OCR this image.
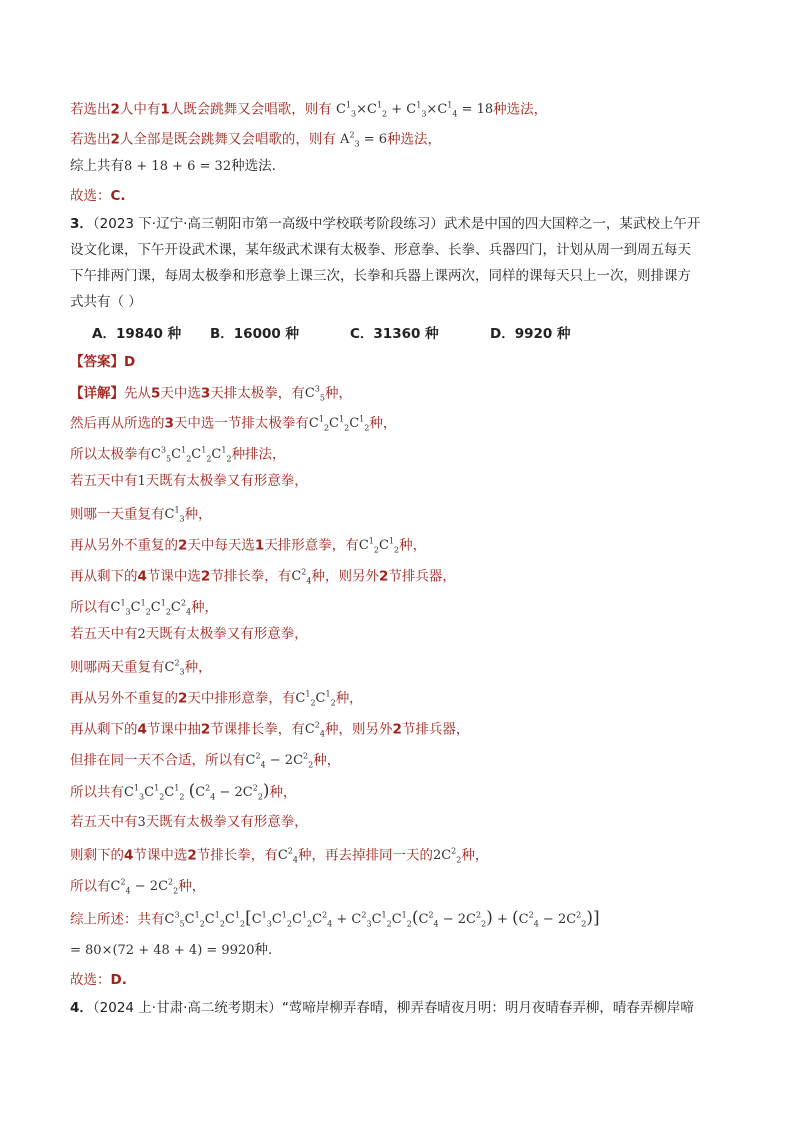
若选出2人中有1人既会跳舞又会唱歌，则有 $C^1_3\times C^1_2 + C^1_3\times C^1_4 = 18$种选法，
若选出2人全部是既会跳舞又会唱歌的，则有 $A^2_3 = 6$种选法，
综上共有8 + 18 + 6 = 32种选法.
故选：C.
3．（2023 下·辽宁·高三朝阳市第一高级中学校联考阶段练习）武术是中国的四大国粹之一，某武校上午开
设文化课，下午开设武术课，某年级武术课有太极拳、形意拳、长拳、兵器四门，计划从周一到周五每天
下午排两门课，每周太极拳和形意拳上课三次，长拳和兵器上课两次，同样的课每天只上一次，则排课方
式共有（ ）
A．19840 种 B．16000 种	C．31360 种	D．9920 种
【答案】D
【详解】先从5天中选3天排太极拳，有$C^3_5$种，
然后再从所选的3天中选一节排太极拳有$C^1_2C^1_2C^1_2$种，
所以太极拳有$C^3_5C^1_2C^1_2C^1_2$种排法，
若五天中有1天既有太极拳又有形意拳，
则哪一天重复有$C^1_3$种，
再从另外不重复的2天中每天选1天排形意拳，有$C^1_2C^1_2$种，
再从剩下的4节课中选2节排长拳，有$C^2_4$种，则另外2节排兵器，
所以有$C^1_3C^1_2C^1_2C^2_4$种，
若五天中有2天既有太极拳又有形意拳，
则哪两天重复有$C^2_3$种，
再从另外不重复的2天中排形意拳，有$C^1_2C^1_2$种，
再从剩下的4节课中抽2节课排长拳，有$C^2_4$种，则另外2节排兵器，
但排在同一天不合适，所以有$C^2_4 - 2C^2_2$种，
所以共有$C^1_3C^1_2C^1_2$ $(C^2_4 - 2C^2_2)$种，
若五天中有3天既有太极拳又有形意拳，
则剩下的4节课中选2节排长拳，有$C^2_4$种，再去掉排同一天的$2C^2_2$种，
所以有$C^2_4 - 2C^2_2$种，
综上所述：共有$C^3_5C^1_2C^1_2C^1_2[C^1_3C^1_2C^1_2C^2_4 + C^2_3C^1_2C^1_2(C^2_4 - 2C^2_2) + (C^2_4 - 2C^2_2)]$
= 80×(72 + 48 + 4) = 9920种.
故选：D.
4．（2024 上·甘肃·高二统考期末）“莺啼岸柳弄春晴，柳弄春晴夜月明：明月夜晴春弄柳，晴春弄柳岸啼
